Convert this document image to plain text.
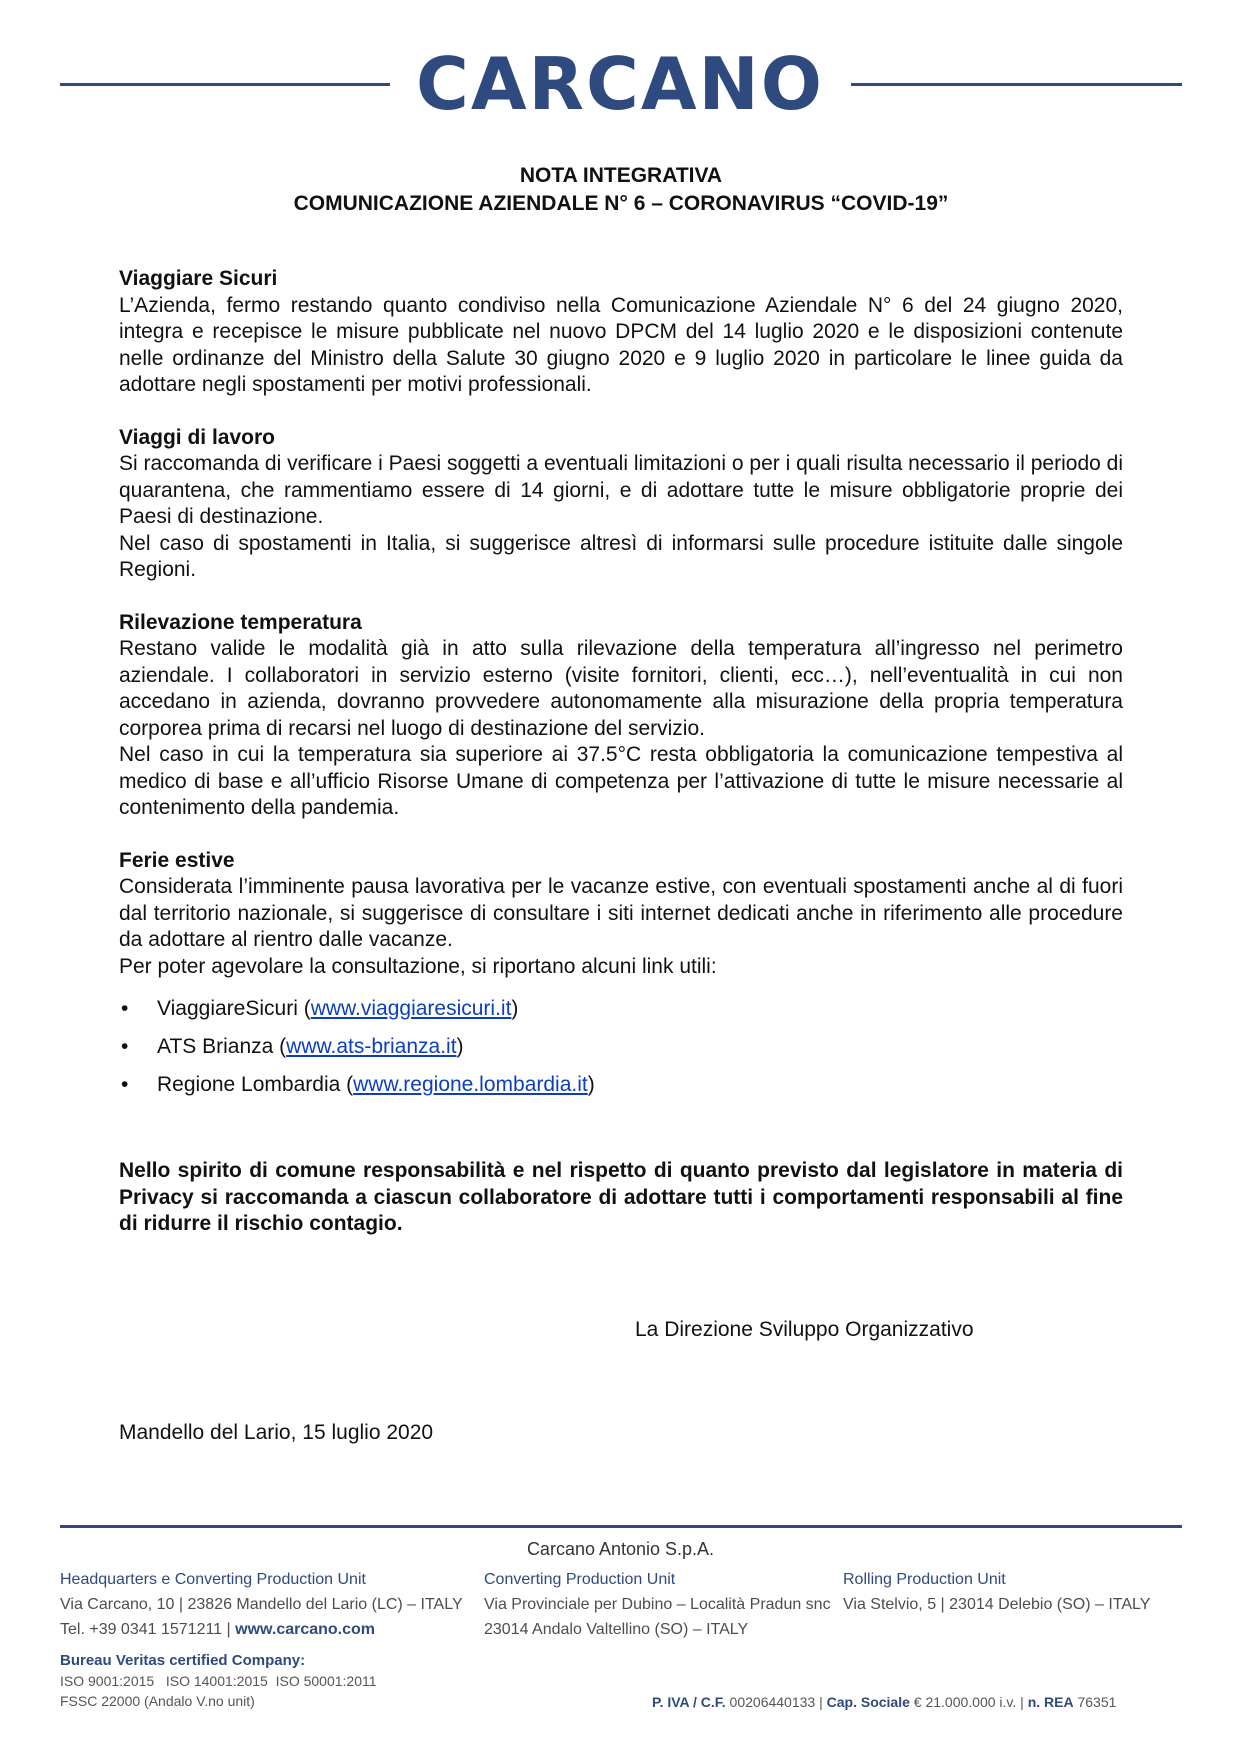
CARCANO
NOTA INTEGRATIVA
COMUNICAZIONE AZIENDALE N° 6 – CORONAVIRUS “COVID-19”
Viaggiare Sicuri

L’Azienda, fermo restando quanto condiviso nella Comunicazione Aziendale N° 6 del 24 giugno 2020, integra e recepisce le misure pubblicate nel nuovo DPCM del 14 luglio 2020 e le disposizioni contenute nelle ordinanze del Ministro della Salute 30 giugno 2020 e 9 luglio 2020 in particolare le linee guida da adottare negli spostamenti per motivi professionali.

Viaggi di lavoro

Si raccomanda di verificare i Paesi soggetti a eventuali limitazioni o per i quali risulta necessario il periodo di quarantena, che rammentiamo essere di 14 giorni, e di adottare tutte le misure obbligatorie proprie dei Paesi di destinazione.

Nel caso di spostamenti in Italia, si suggerisce altresì di informarsi sulle procedure istituite dalle singole Regioni.

Rilevazione temperatura

Restano valide le modalità già in atto sulla rilevazione della temperatura all’ingresso nel perimetro aziendale. I collaboratori in servizio esterno (visite fornitori, clienti, ecc…), nell’eventualità in cui non accedano in azienda, dovranno provvedere autonomamente alla misurazione della propria temperatura corporea prima di recarsi nel luogo di destinazione del servizio.

Nel caso in cui la temperatura sia superiore ai 37.5°C resta obbligatoria la comunicazione tempestiva al medico di base e all’ufficio Risorse Umane di competenza per l’attivazione di tutte le misure necessarie al contenimento della pandemia.

Ferie estive

Considerata l’imminente pausa lavorativa per le vacanze estive, con eventuali spostamenti anche al di fuori dal territorio nazionale, si suggerisce di consultare i siti internet dedicati anche in riferimento alle procedure da adottare al rientro dalle vacanze.

Per poter agevolare la consultazione, si riportano alcuni link utili:

• ViaggiareSicuri (www.viaggiaresicuri.it)
• ATS Brianza (www.ats-brianza.it)
• Regione Lombardia (www.regione.lombardia.it)

Nello spirito di comune responsabilità e nel rispetto di quanto previsto dal legislatore in materia di Privacy si raccomanda a ciascun collaboratore di adottare tutti i comportamenti responsabili al fine di ridurre il rischio contagio.

La Direzione Sviluppo Organizzativo
Mandello del Lario, 15 luglio 2020
Carcano Antonio S.p.A.
Headquarters e Converting Production Unit
Via Carcano, 10 | 23826 Mandello del Lario (LC) – ITALY
Tel. +39 0341 1571211 | www.carcano.com
Converting Production Unit
Via Provinciale per Dubino – Località Pradun snc
23014 Andalo Valtellino (SO) – ITALY
Rolling Production Unit
Via Stelvio, 5 | 23014 Delebio (SO) – ITALY
Bureau Veritas certified Company:
ISO 9001:2015   ISO 14001:2015  ISO 50001:2011
FSSC 22000 (Andalo V.no unit)	P. IVA / C.F. 00206440133 | Cap. Sociale € 21.000.000 i.v. | n. REA 76351
